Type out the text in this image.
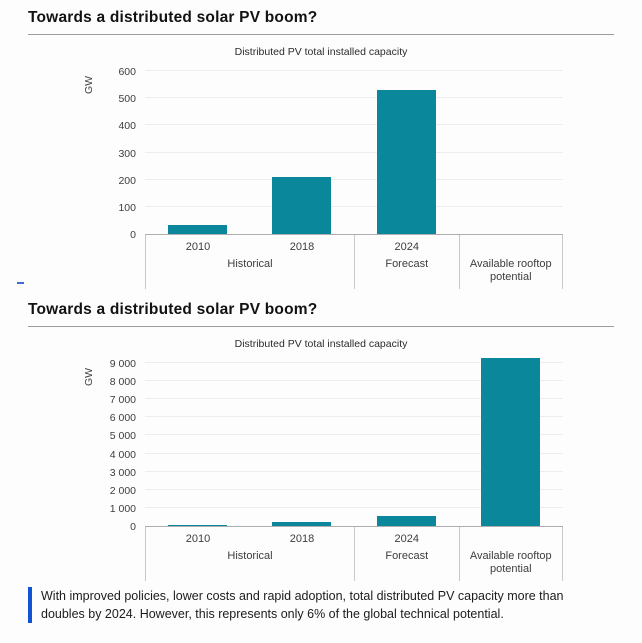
Towards a distributed solar PV boom?
Distributed PV total installed capacity
GW
0
100
200
300
400
500
600
2010	2018
Historical
2024
Forecast	Available rooftop potential
Towards a distributed solar PV boom?
Distributed PV total installed capacity
GW
0
1 000
2 000
3 000
4 000
5 000
6 000
7 000
8 000
9 000
2010	2018
Historical
2024
Forecast	Available rooftop potential
With improved policies, lower costs and rapid adoption, total distributed PV capacity more than doubles by 2024. However, this represents only 6% of the global technical potential.
